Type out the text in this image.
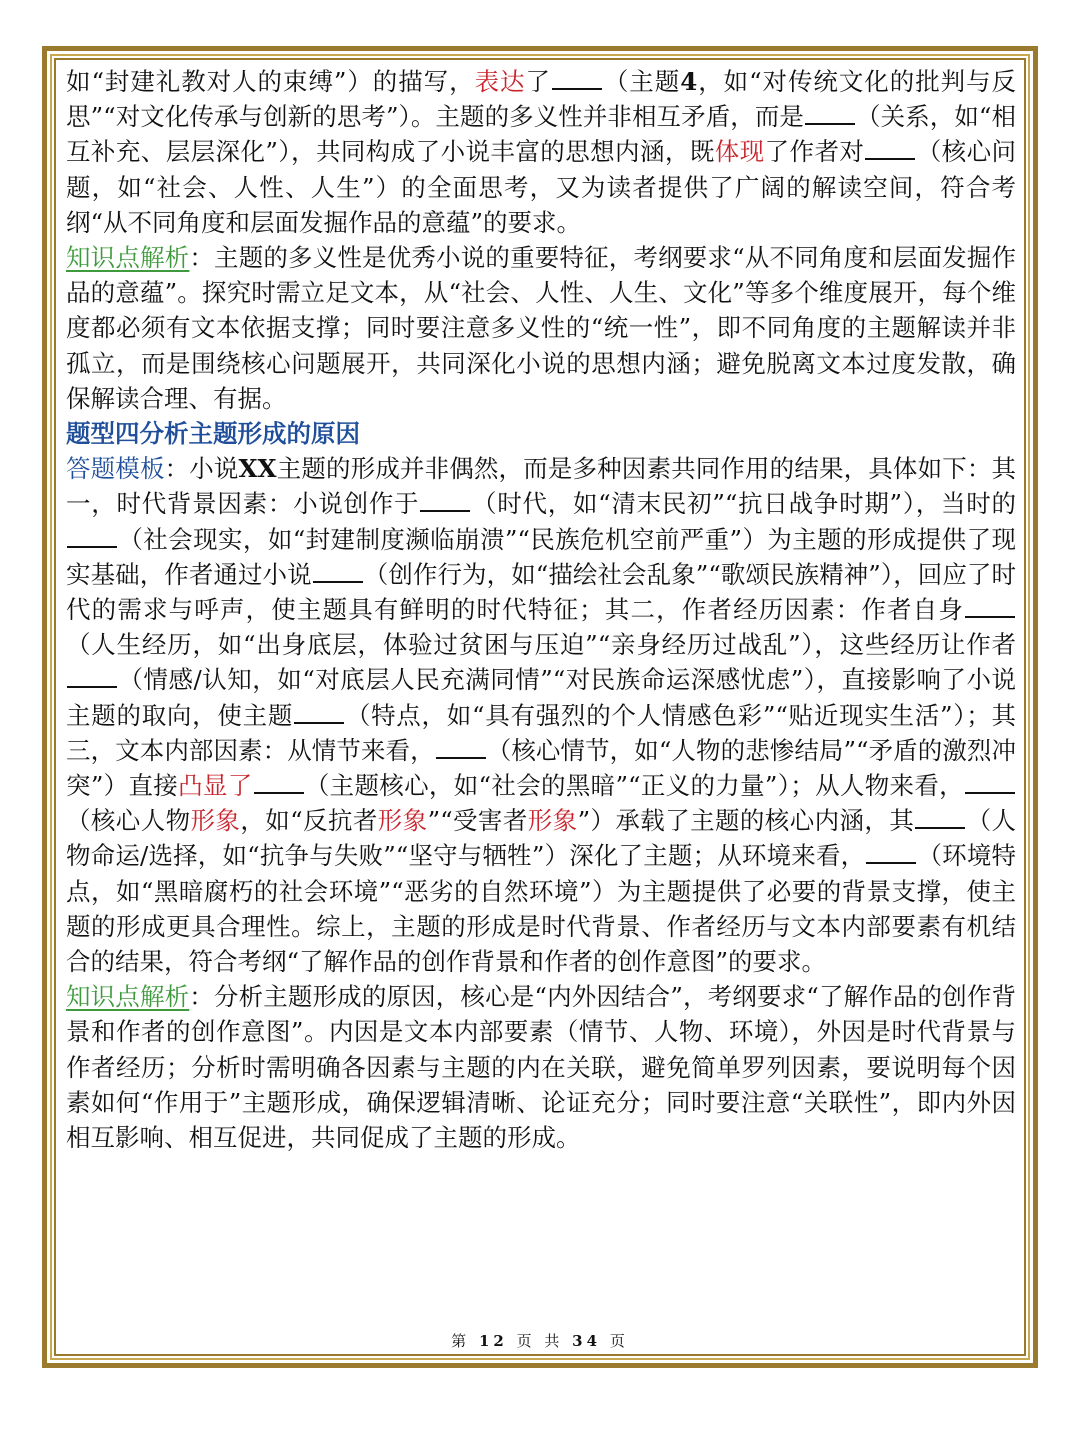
如“封建礼教对人的束缚”）的描写，表达了 （主题4，如“对传统文化的批判与反思”“对文化传承与创新的思考”）。主题的多义性并非相互矛盾，而是 （关系，如“相互补充、层层深化”），共同构成了小说丰富的思想内涵，既体现了作者对 （核心问题，如“社会、人性、人生”）的全面思考，又为读者提供了广阔的解读空间，符合考纲“从不同角度和层面发掘作品的意蕴”的要求。

知识点解析：主题的多义性是优秀小说的重要特征，考纲要求“从不同角度和层面发掘作品的意蕴”。探究时需立足文本，从“社会、人性、人生、文化”等多个维度展开，每个维度都必须有文本依据支撑；同时要注意多义性的“统一性”，即不同角度的主题解读并非孤立，而是围绕核心问题展开，共同深化小说的思想内涵；避免脱离文本过度发散，确保解读合理、有据。

题型四分析主题形成的原因

答题模板：小说XX主题的形成并非偶然，而是多种因素共同作用的结果，具体如下：其一，时代背景因素：小说创作于 （时代，如“清末民初”“抗日战争时期”），当时的（社会现实，如“封建制度濒临崩溃”“民族危机空前严重”）为主题的形成提供了现实基础，作者通过小说 （创作行为，如“描绘社会乱象”“歌颂民族精神”），回应了时代的需求与呼声，使主题具有鲜明的时代特征；其二，作者经历因素：作者自身（人生经历，如“出身底层，体验过贫困与压迫”“亲身经历过战乱”），这些经历让作者（情感/认知，如“对底层人民充满同情”“对民族命运深感忧虑”），直接影响了小说主题的取向，使主题 （特点，如“具有强烈的个人情感色彩”“贴近现实生活”）；其三，文本内部因素：从情节来看， （核心情节，如“人物的悲惨结局”“矛盾的激烈冲突”）直接凸显了 （主题核心，如“社会的黑暗”“正义的力量”）；从人物来看，（核心人物形象，如“反抗者形象”“受害者形象”）承载了主题的核心内涵，其 （人物命运/选择，如“抗争与失败”“坚守与牺牲”）深化了主题；从环境来看， （环境特点，如“黑暗腐朽的社会环境”“恶劣的自然环境”）为主题提供了必要的背景支撑，使主题的形成更具合理性。综上，主题的形成是时代背景、作者经历与文本内部要素有机结合的结果，符合考纲“了解作品的创作背景和作者的创作意图”的要求。

知识点解析：分析主题形成的原因，核心是“内外因结合”，考纲要求“了解作品的创作背景和作者的创作意图”。内因是文本内部要素（情节、人物、环境），外因是时代背景与作者经历；分析时需明确各因素与主题的内在关联，避免简单罗列因素，要说明每个因素如何“作用于”主题形成，确保逻辑清晰、论证充分；同时要注意“关联性”，即内外因相互影响、相互促进，共同促成了主题的形成。

第 12 页 共 34 页
